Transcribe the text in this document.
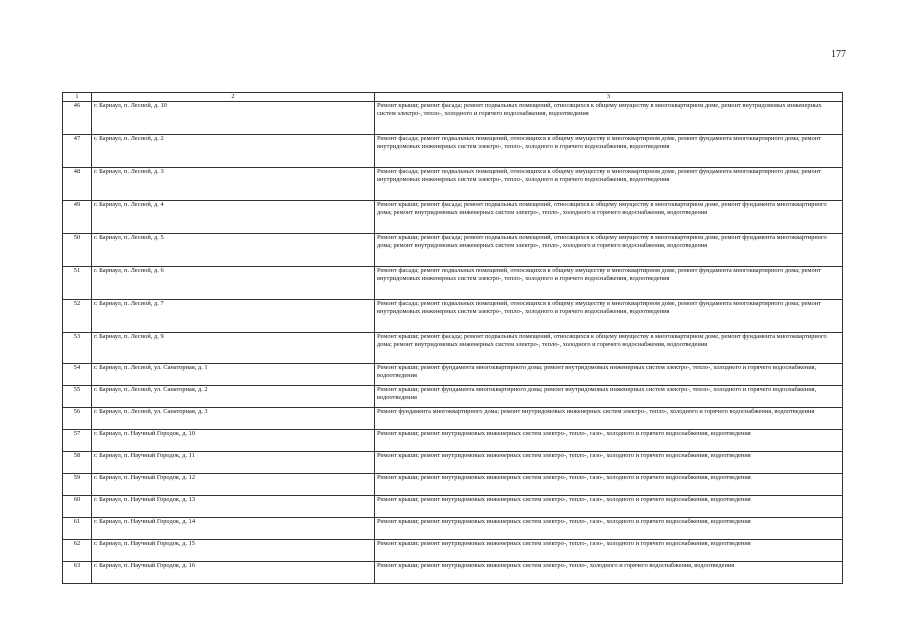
177
1	2	3
46	г. Барнаул, п. Лесной, д. 10	Ремонт крыши; ремонт фасада; ремонт подвальных помещений, относящихся к общему имуществу в многоквартирном доме, ремонт внутридомовых инженерных систем электро-, тепло-, холодного и горячего водоснабжения, водоотведения
47	г. Барнаул, п. Лесной, д. 2	Ремонт фасада; ремонт подвальных помещений, относящихся к общему имуществу в многоквартирном доме, ремонт фундамента многоквартирного дома; ремонт внутридомовых инженерных систем электро-, тепло-, холодного и горячего водоснабжения, водоотведения
48	г. Барнаул, п. Лесной, д. 3	Ремонт фасада; ремонт подвальных помещений, относящихся к общему имуществу в многоквартирном доме, ремонт фундамента многоквартирного дома; ремонт внутридомовых инженерных систем электро-, тепло-, холодного и горячего водоснабжения, водоотведения
49	г. Барнаул, п. Лесной, д. 4	Ремонт крыши; ремонт фасада; ремонт подвальных помещений, относящихся к общему имуществу в многоквартирном доме, ремонт фундамента многоквартирного дома; ремонт внутридомовых инженерных систем электро-, тепло-, холодного и горячего водоснабжения, водоотведения
50	г. Барнаул, п. Лесной, д. 5	Ремонт крыши; ремонт фасада; ремонт подвальных помещений, относящихся к общему имуществу в многоквартирном доме, ремонт фундамента многоквартирного дома; ремонт внутридомовых инженерных систем электро-, тепло-, холодного и горячего водоснабжения, водоотведения
51	г. Барнаул, п. Лесной, д. 6	Ремонт фасада; ремонт подвальных помещений, относящихся к общему имуществу в многоквартирном доме, ремонт фундамента многоквартирного дома; ремонт внутридомовых инженерных систем электро-, тепло-, холодного и горячего водоснабжения, водоотведения
52	г. Барнаул, п. Лесной, д. 7	Ремонт фасада; ремонт подвальных помещений, относящихся к общему имуществу в многоквартирном доме, ремонт фундамента многоквартирного дома; ремонт внутридомовых инженерных систем электро-, тепло-, холодного и горячего водоснабжения, водоотведения
53	г. Барнаул, п. Лесной, д. 9	Ремонт крыши; ремонт фасада; ремонт подвальных помещений, относящихся к общему имуществу в многоквартирном доме, ремонт фундамента многоквартирного дома; ремонт внутридомовых инженерных систем электро-, тепло-, холодного и горячего водоснабжения, водоотведения
54	г. Барнаул, п. Лесной, ул. Санаторная, д. 1	Ремонт крыши; ремонт фундамента многоквартирного дома; ремонт внутридомовых инженерных систем электро-, тепло-, холодного и горячего водоснабжения, водоотведения
55	г. Барнаул, п. Лесной, ул. Санаторная, д. 2	Ремонт крыши; ремонт фундамента многоквартирного дома; ремонт внутридомовых инженерных систем электро-, тепло-, холодного и горячего водоснабжения, водоотведения
56	г. Барнаул, п. Лесной, ул. Санаторная, д. 3	Ремонт фундамента многоквартирного дома; ремонт внутридомовых инженерных систем электро-, тепло-, холодного и горячего водоснабжения, водоотведения
57	г. Барнаул, п. Научный Городок, д. 10	Ремонт крыши; ремонт внутридомовых инженерных систем электро-, тепло-, газо-, холодного и горячего водоснабжения, водоотведения
58	г. Барнаул, п. Научный Городок, д. 11	Ремонт крыши; ремонт внутридомовых инженерных систем электро-, тепло-, газо-, холодного и горячего водоснабжения, водоотведения
59	г. Барнаул, п. Научный Городок, д. 12	Ремонт крыши; ремонт внутридомовых инженерных систем электро-, тепло-, газо-, холодного и горячего водоснабжения, водоотведения
60	г. Барнаул, п. Научный Городок, д. 13	Ремонт крыши; ремонт внутридомовых инженерных систем электро-, тепло-, газо-, холодного и горячего водоснабжения, водоотведения
61	г. Барнаул, п. Научный Городок, д. 14	Ремонт крыши; ремонт внутридомовых инженерных систем электро-, тепло-, газо-, холодного и горячего водоснабжения, водоотведения
62	г. Барнаул, п. Научный Городок, д. 15	Ремонт крыши; ремонт внутридомовых инженерных систем электро-, тепло-, газо-, холодного и горячего водоснабжения, водоотведения
63	г. Барнаул, п. Научный Городок, д. 16	Ремонт крыши; ремонт внутридомовых инженерных систем электро-, тепло-, холодного и горячего водоснабжения, водоотведения
